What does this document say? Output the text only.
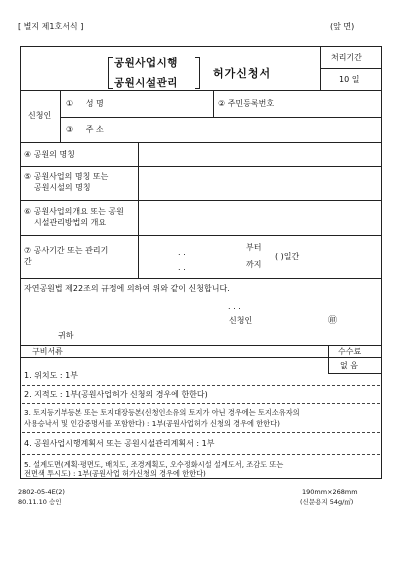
[ 별지 제1호서식 ]	(앞 면)
공원사업시행
공원시설관리
허가신청서
처리기간
10 일
신청인
① 성 명	② 주민등록번호
③ 주 소
④ 공원의 명칭
⑤ 공원사업의 명칭 또는
공원시설의 명칭
⑥ 공원사업의개요 또는 공원
시설관리방법의 개요
⑦ 공사기간 또는 관리기
간
. .
. .
부터
까지
( )일간
자연공원법 제22조의 규정에 의하여 위와 같이 신청합니다.
. . .
신청인	㊞
귀하
구비서류	수수료
없 음
1. 위치도 : 1부
2. 지적도 : 1부(공원사업허가 신청의 경우에 한한다)
3. 토지등기부등본 또는 토지대장등본(신청인소유의 토지가 아닌 경우에는 토지소유자의
사용승낙서 및 인감증명서를 포함한다) : 1부(공원사업허가 신청의 경우에 한한다)
4. 공원사업시행계획서 또는 공원시설관리계획서 : 1부
5. 설계도면(계획·평면도, 배치도, 조경계획도, 오수정화시설 설계도서, 조감도 또는
전면색 투시도) : 1부(공원사업 허가신청의 경우에 한한다)
2802-05-4E(2)
80.11.10 승인
190mm×268mm
(신문용지 54g/㎡)
